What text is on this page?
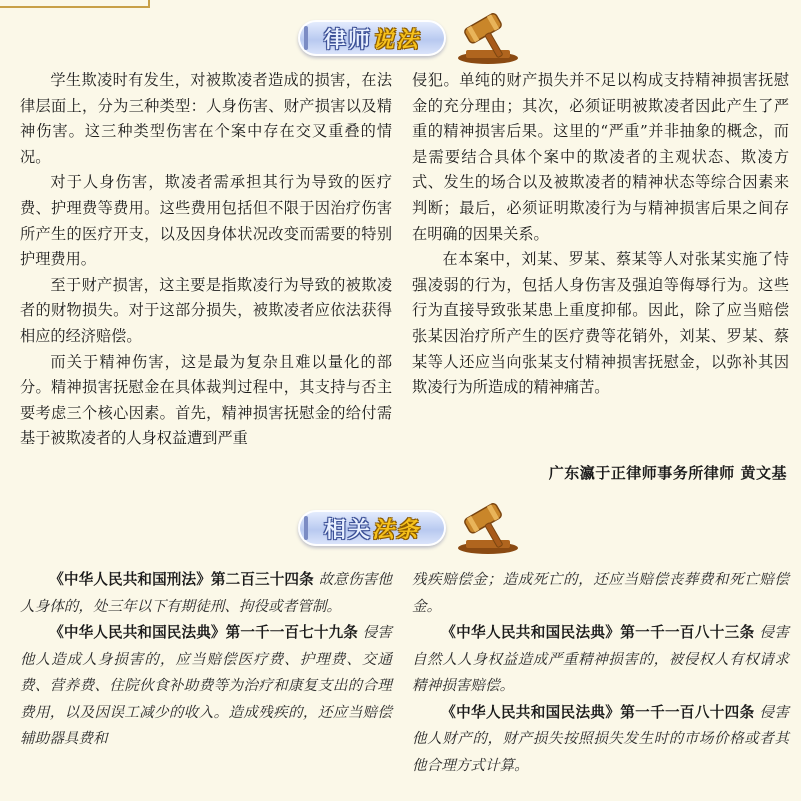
律师 说法

学生欺凌时有发生，对被欺凌者造成的损害，在法律层面上，分为三种类型：人身伤害、财产损害以及精神伤害。这三种类型伤害在个案中存在交叉重叠的情况。

对于人身伤害，欺凌者需承担其行为导致的医疗费、护理费等费用。这些费用包括但不限于因治疗伤害所产生的医疗开支，以及因身体状况改变而需要的特别护理费用。

至于财产损害，这主要是指欺凌行为导致的被欺凌者的财物损失。对于这部分损失，被欺凌者应依法获得相应的经济赔偿。

而关于精神伤害，这是最为复杂且难以量化的部分。精神损害抚慰金在具体裁判过程中，其支持与否主要考虑三个核心因素。首先，精神损害抚慰金的给付需基于被欺凌者的人身权益遭到严重

侵犯。单纯的财产损失并不足以构成支持精神损害抚慰金的充分理由；其次，必须证明被欺凌者因此产生了严重的精神损害后果。这里的“严重”并非抽象的概念，而是需要结合具体个案中的欺凌者的主观状态、欺凌方式、发生的场合以及被欺凌者的精神状态等综合因素来判断；最后，必须证明欺凌行为与精神损害后果之间存在明确的因果关系。

在本案中，刘某、罗某、蔡某等人对张某实施了恃强凌弱的行为，包括人身伤害及强迫等侮辱行为。这些行为直接导致张某患上重度抑郁。因此，除了应当赔偿张某因治疗所产生的医疗费等花销外，刘某、罗某、蔡某等人还应当向张某支付精神损害抚慰金，以弥补其因欺凌行为所造成的精神痛苦。

广东瀛于正律师事务所律师 黄文基
相关 法条

《中华人民共和国刑法》第二百三十四条 故意伤害他人身体的，处三年以下有期徒刑、拘役或者管制。

《中华人民共和国民法典》第一千一百七十九条 侵害他人造成人身损害的，应当赔偿医疗费、护理费、交通费、营养费、住院伙食补助费等为治疗和康复支出的合理费用，以及因误工减少的收入。造成残疾的，还应当赔偿辅助器具费和

残疾赔偿金；造成死亡的，还应当赔偿丧葬费和死亡赔偿金。

《中华人民共和国民法典》第一千一百八十三条 侵害自然人人身权益造成严重精神损害的，被侵权人有权请求精神损害赔偿。

《中华人民共和国民法典》第一千一百八十四条 侵害他人财产的，财产损失按照损失发生时的市场价格或者其他合理方式计算。
